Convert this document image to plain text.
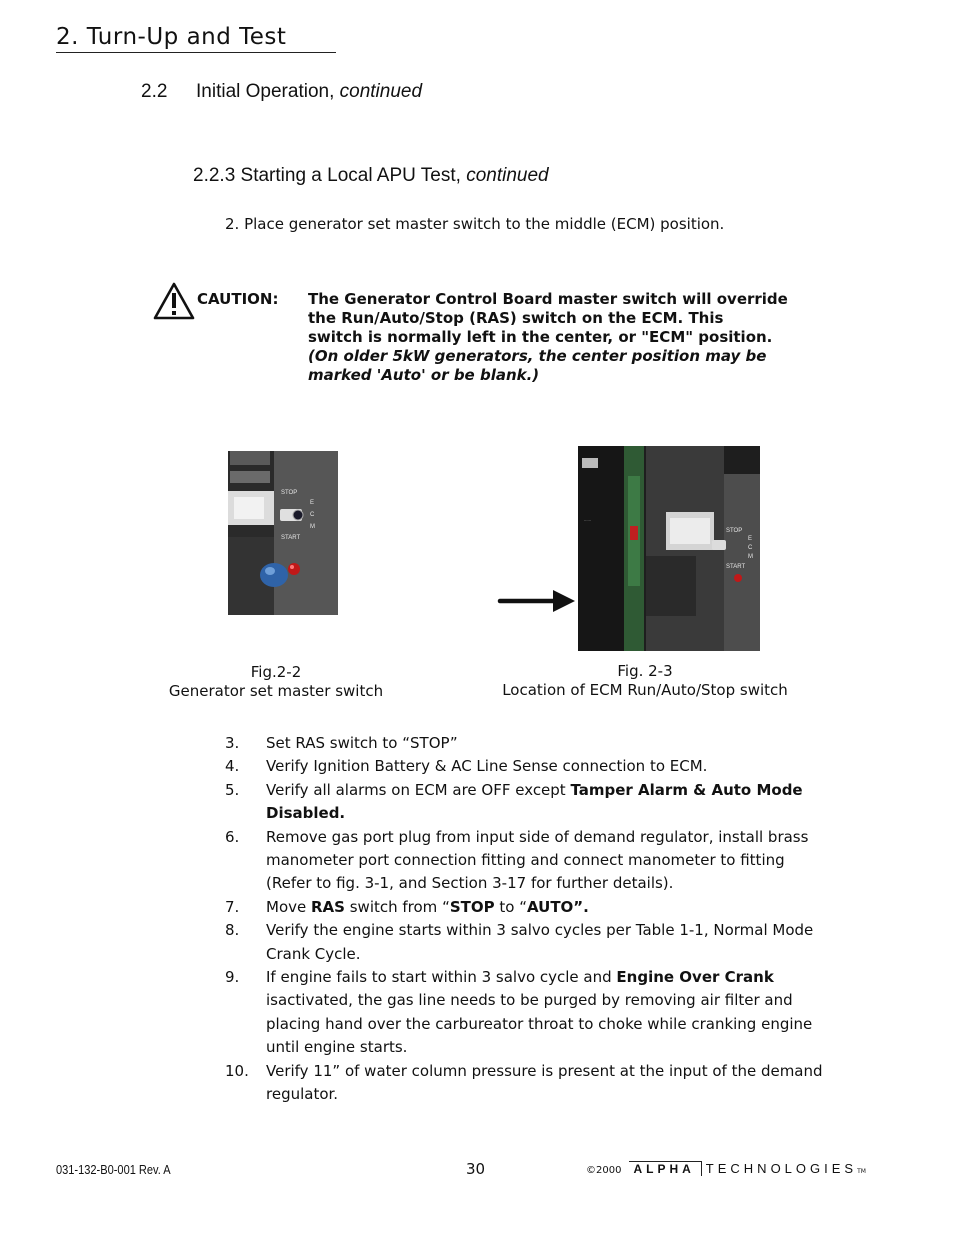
2. Turn-Up and Test
2.2 Initial Operation, continued
2.2.3 Starting a Local APU Test, continued
2. Place generator set master switch to the middle (ECM) position.
CAUTION: The Generator Control Board master switch will override
the Run/Auto/Stop (RAS) switch on the ECM. This
switch is normally left in the center, or "ECM" position.
(On older 5kW generators, the center position may be
marked 'Auto' or be blank.)
STOP
E
C
M
START
······
STOP
E
C
M
START
Fig.2-2
Generator set master switch
Fig. 2-3
Location of ECM Run/Auto/Stop switch
3.	Set RAS switch to “STOP”
4.	Verify Ignition Battery & AC Line Sense connection to ECM.
5.	Verify all alarms on ECM are OFF except Tamper Alarm & Auto Mode Disabled.
6.	Remove gas port plug from input side of demand regulator, install brass manometer port connection fitting and connect manometer to fitting (Refer to fig. 3-1, and Section 3-17 for further details).
7.	Move RAS switch from “STOP to “AUTO”.
8.	Verify the engine starts within 3 salvo cycles per Table 1-1, Normal Mode Crank Cycle.
9.	If engine fails to start within 3 salvo cycle and Engine Over Crank isactivated, the gas line needs to be purged by removing air filter and placing hand over the carbureator throat to choke while cranking engine until engine starts.
10.	Verify 11” of water column pressure is present at the input of the demand regulator.
031-132-B0-001 Rev. A	30	©2000	ALPHA TECHNOLOGIES TM
